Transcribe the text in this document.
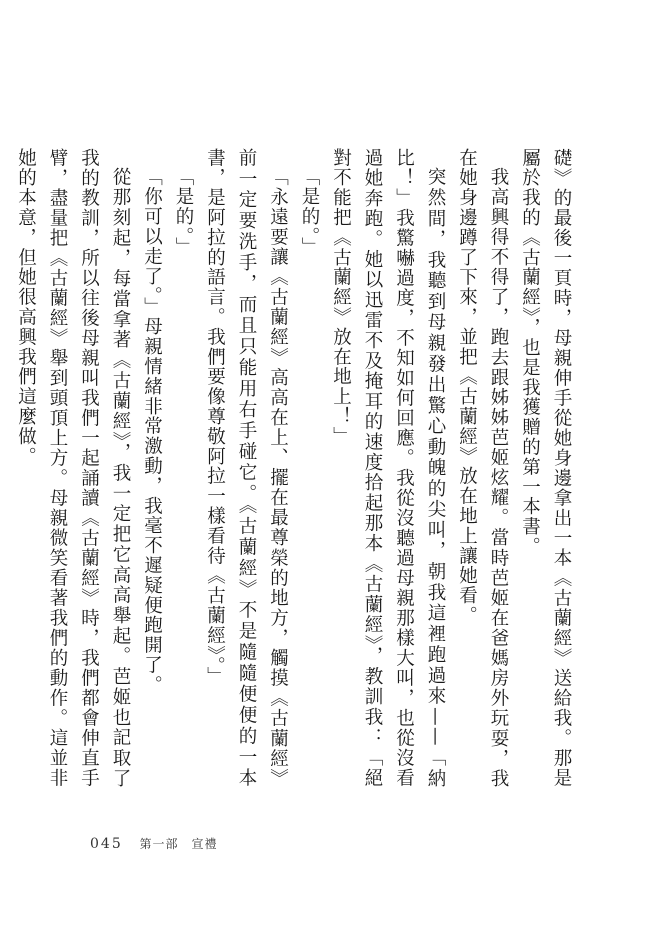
礎》的最後一頁時，母親伸手從她身邊拿出一本《古蘭經》送給我。那是屬於我的《古蘭經》，也是我獲贈的第一本書。

我高興得不得了，跑去跟姊姊芭姬炫耀。當時芭姬在爸媽房外玩耍，我在她身邊蹲了下來，並把《古蘭經》放在地上讓她看。

突然間，我聽到母親發出驚心動魄的尖叫，朝我這裡跑過來——「納比！」我驚嚇過度，不知如何回應。我從沒聽過母親那樣大叫，也從沒看過她奔跑。她以迅雷不及掩耳的速度拾起那本《古蘭經》，教訓我：「絕對不能把《古蘭經》放在地上！」

「是的。」

「永遠要讓《古蘭經》高高在上、擺在最尊榮的地方，觸摸《古蘭經》前一定要洗手，而且只能用右手碰它。《古蘭經》不是隨隨便便的一本書，是阿拉的語言。我們要像尊敬阿拉一樣看待《古蘭經》。」

「是的。」

「你可以走了。」母親情緒非常激動，我毫不遲疑便跑開了。

從那刻起，每當拿著《古蘭經》，我一定把它高高舉起。芭姬也記取了我的教訓，所以往後母親叫我們一起誦讀《古蘭經》時，我們都會伸直手臂，盡量把《古蘭經》舉到頭頂上方。母親微笑看著我們的動作。這並非她的本意，但她很高興我們這麼做。

045 第一部　宣禮
